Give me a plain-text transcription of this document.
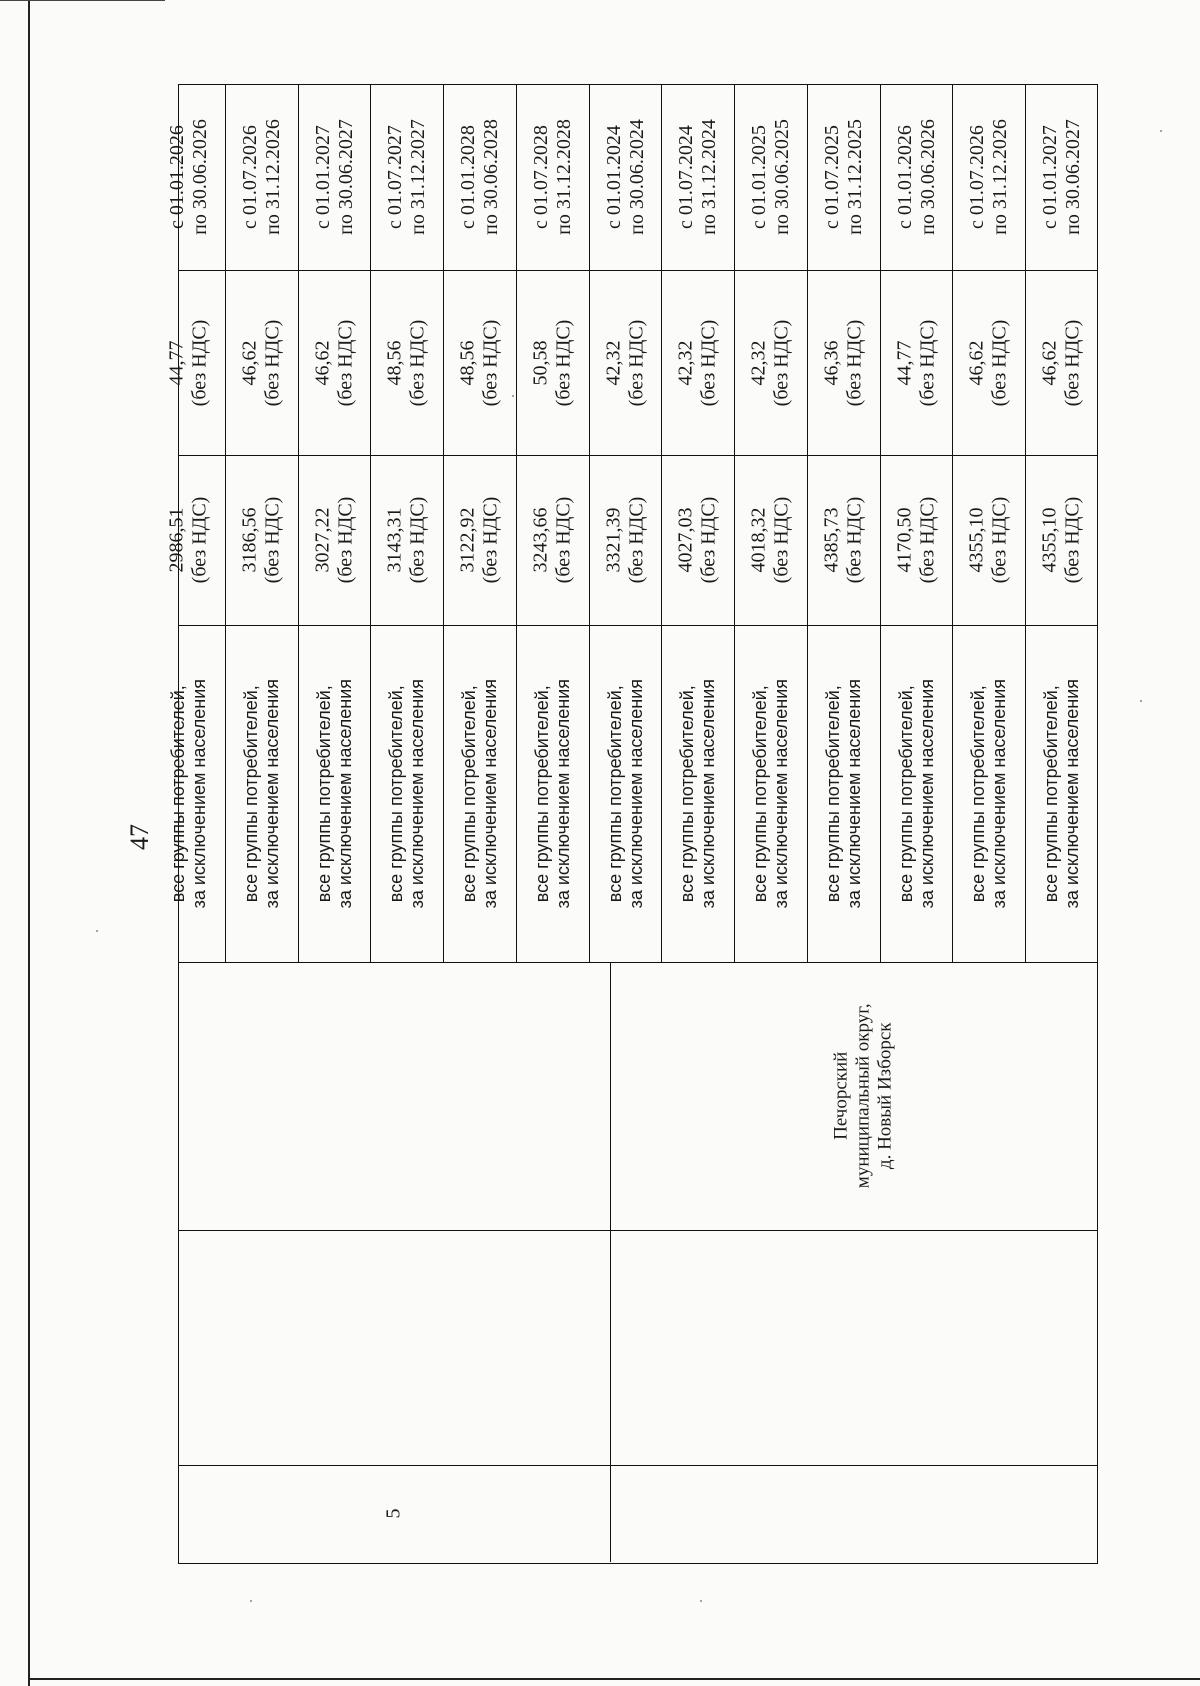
47
5
Печорский муниципальный округ, д. Новый Изборск
все группы потребителей, за исключением населения
2986,51 (без НДС)
44,77 (без НДС)
с 01.01.2026 по 30.06.2026
все группы потребителей, за исключением населения
3186,56 (без НДС)
46,62 (без НДС)
с 01.07.2026 по 31.12.2026
все группы потребителей, за исключением населения
3027,22 (без НДС)
46,62 (без НДС)
с 01.01.2027 по 30.06.2027
все группы потребителей, за исключением населения
3143,31 (без НДС)
48,56 (без НДС)
с 01.07.2027 по 31.12.2027
все группы потребителей, за исключением населения
3122,92 (без НДС)
48,56 (без НДС)
с 01.01.2028 по 30.06.2028
все группы потребителей, за исключением населения
3243,66 (без НДС)
50,58 (без НДС)
с 01.07.2028 по 31.12.2028
все группы потребителей, за исключением населения
3321,39 (без НДС)
42,32 (без НДС)
с 01.01.2024 по 30.06.2024
все группы потребителей, за исключением населения
4027,03 (без НДС)
42,32 (без НДС)
с 01.07.2024 по 31.12.2024
все группы потребителей, за исключением населения
4018,32 (без НДС)
42,32 (без НДС)
с 01.01.2025 по 30.06.2025
все группы потребителей, за исключением населения
4385,73 (без НДС)
46,36 (без НДС)
с 01.07.2025 по 31.12.2025
все группы потребителей, за исключением населения
4170,50 (без НДС)
44,77 (без НДС)
с 01.01.2026 по 30.06.2026
все группы потребителей, за исключением населения
4355,10 (без НДС)
46,62 (без НДС)
с 01.07.2026 по 31.12.2026
все группы потребителей, за исключением населения
4355,10 (без НДС)
46,62 (без НДС)
с 01.01.2027 по 30.06.2027
